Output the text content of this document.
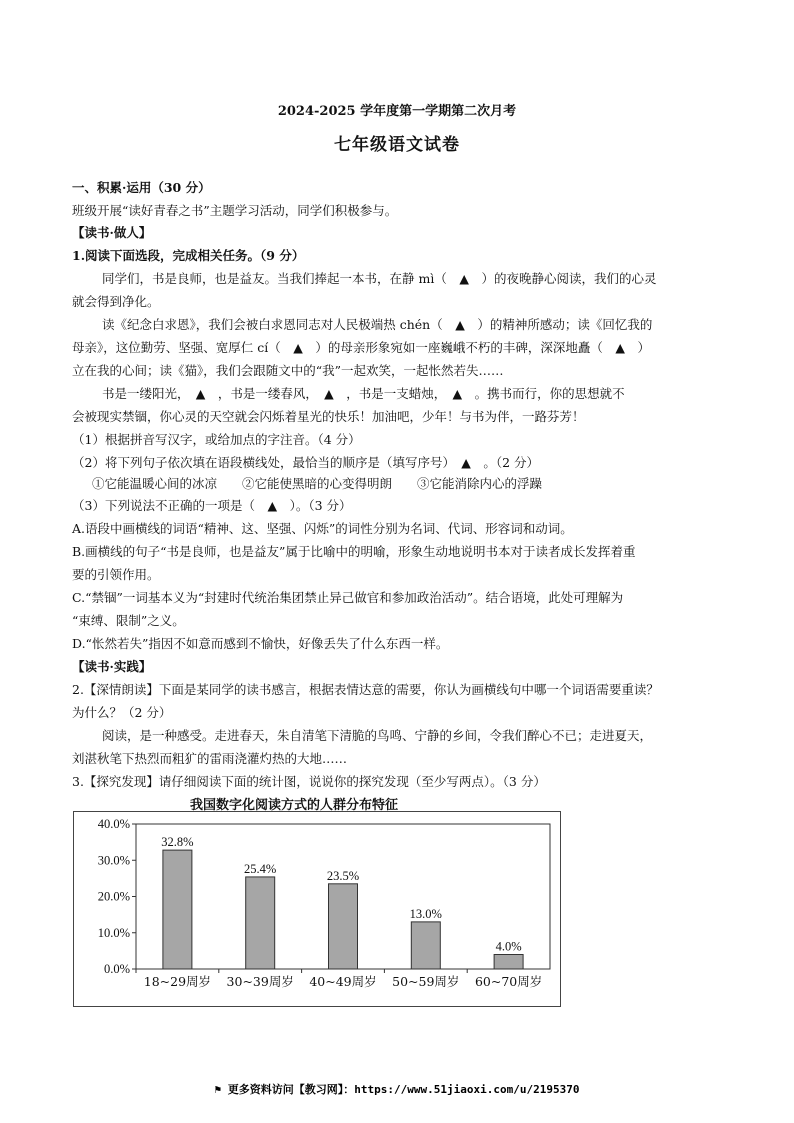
2024-2025 学年度第一学期第二次月考
七年级语文试卷
一、积累·运用（30 分）
班级开展“读好青春之书”主题学习活动，同学们积极参与。
【读书·做人】
1.阅读下面选段，完成相关任务。（9 分）
同学们，书是良师，也是益友。当我们捧起一本书，在静 mì（　▲　）的夜晚静心阅读，我们的心灵
就会得到净化。
读《纪念白求恩》，我们会被白求恩同志对人民极端热 chén（　▲　）的精神所感动；读《回忆我的
母亲》，这位勤劳、坚强、宽厚仁 cí（　▲　）的母亲形象宛如一座巍峨不朽的丰碑，深深地矗（　▲　）
立在我的心间；读《猫》，我们会跟随文中的“我”一起欢笑，一起怅然若失……
书是一缕阳光，　▲　，书是一缕春风，　▲　，书是一支蜡烛，　▲　。携书而行，你的思想就不
会被现实禁锢，你心灵的天空就会闪烁着星光的快乐！加油吧，少年！与书为伴，一路芬芳！
（1）根据拼音写汉字，或给加点的字注音。（4 分）
（2）将下列句子依次填在语段横线处，最恰当的顺序是（填写序号）　▲　。（2 分）
①它能温暖心间的冰凉　　②它能使黑暗的心变得明朗　　③它能消除内心的浮躁
（3）下列说法不正确的一项是（　▲　）。（3 分）
A.语段中画横线的词语“精神、这、坚强、闪烁”的词性分别为名词、代词、形容词和动词。
B.画横线的句子“书是良师，也是益友”属于比喻中的明喻，形象生动地说明书本对于读者成长发挥着重
要的引领作用。
C.“禁锢”一词基本义为“封建时代统治集团禁止异己做官和参加政治活动”。结合语境，此处可理解为
“束缚、限制”之义。
D.“怅然若失”指因不如意而感到不愉快，好像丢失了什么东西一样。
【读书·实践】
2.【深情朗读】下面是某同学的读书感言，根据表情达意的需要，你认为画横线句中哪一个词语需要重读？
为什么？（2 分）
阅读，是一种感受。走进春天，朱自清笔下清脆的鸟鸣、宁静的乡间，令我们醉心不已；走进夏天，
刘湛秋笔下热烈而粗犷的雷雨浇灌灼热的大地……
3.【探究发现】请仔细阅读下面的统计图，说说你的探究发现（至少写两点）。（3 分）
我国数字化阅读方式的人群分布特征
0.0%
10.0%
20.0%
30.0%
40.0%
32.8%
18~29周岁
25.4%
30~39周岁
23.5%
40~49周岁
13.0%
50~59周岁
4.0%
60~70周岁
⚑ 更多资料访问【教习网】：https://www.51jiaoxi.com/u/2195370
